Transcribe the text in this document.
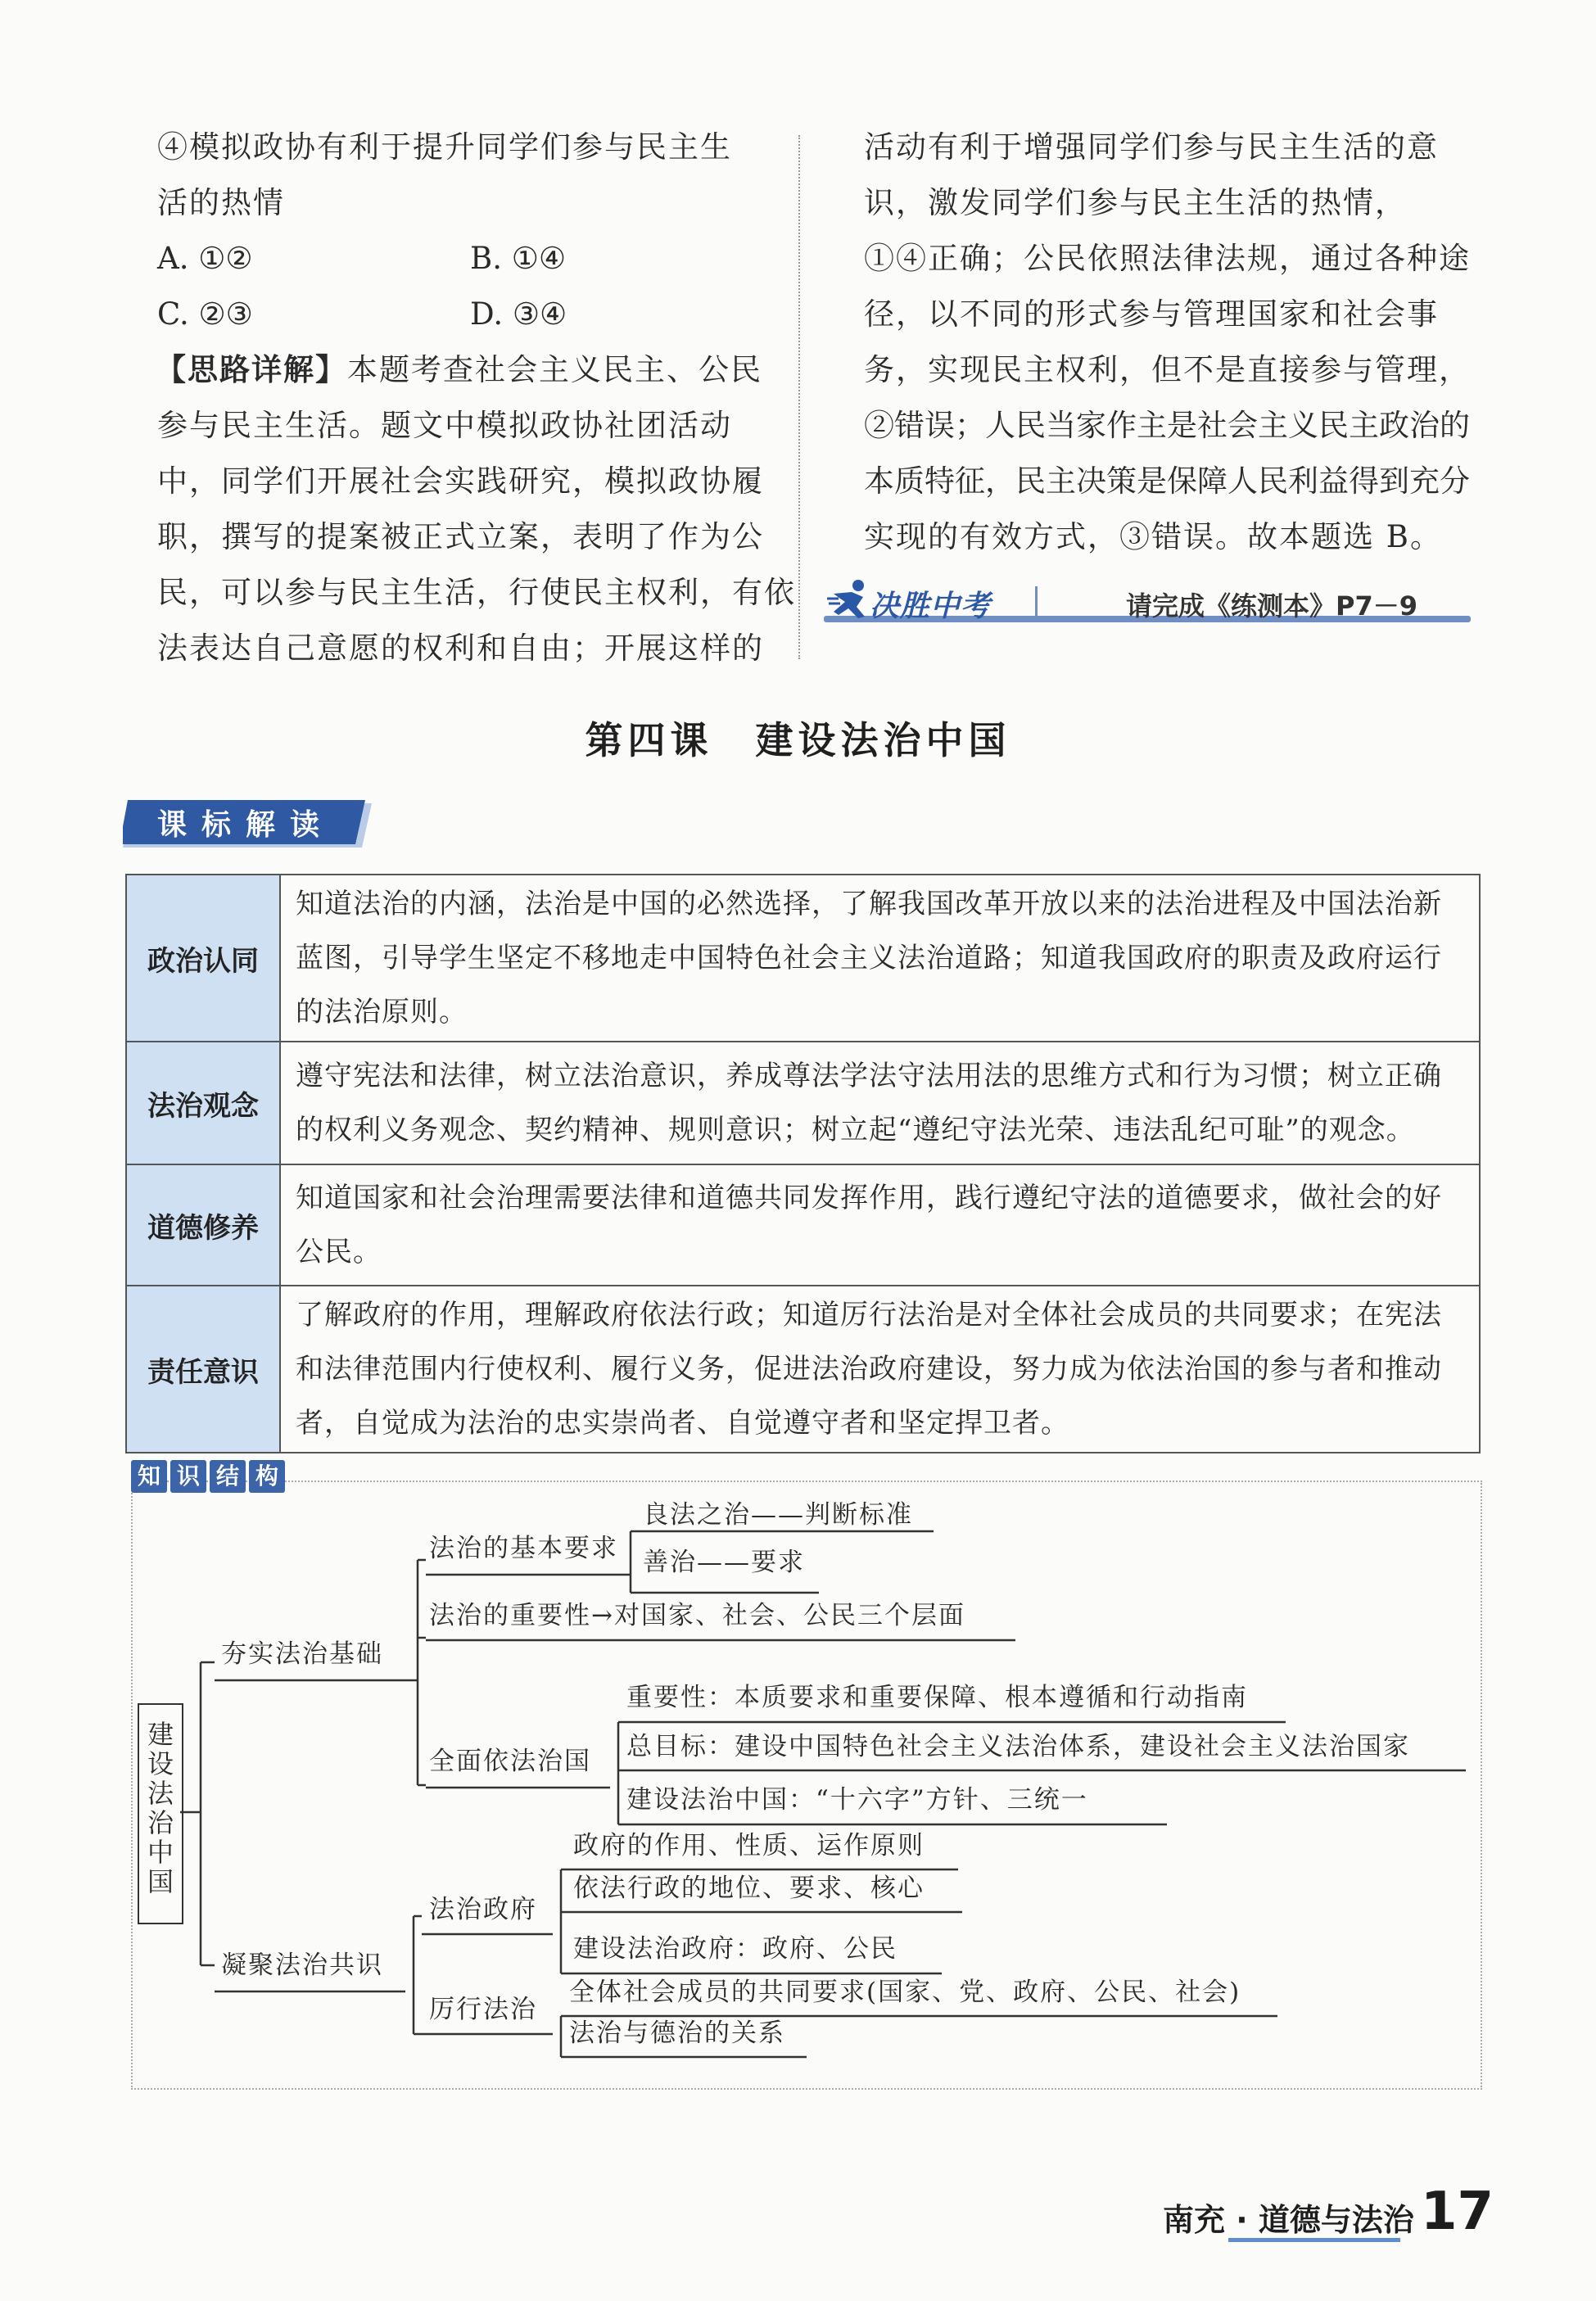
④模拟政协有利于提升同学们参与民主生
活的热情
A. ①②	B. ①④
C. ②③	D. ③④
【思路详解】本题考查社会主义民主、公民
参与民主生活。题文中模拟政协社团活动
中，同学们开展社会实践研究，模拟政协履
职，撰写的提案被正式立案，表明了作为公
民，可以参与民主生活，行使民主权利，有依
法表达自己意愿的权利和自由；开展这样的
活动有利于增强同学们参与民主生活的意
识，激发同学们参与民主生活的热情，
①④正确；公民依照法律法规，通过各种途
径，以不同的形式参与管理国家和社会事
务，实现民主权利，但不是直接参与管理，
②错误；人民当家作主是社会主义民主政治的
本质特征，民主决策是保障人民利益得到充分
实现的有效方式，③错误。故本题选 B。
决胜中考	请完成《练测本》P7－9
第四课　建设法治中国
课标解读
政治认同	知道法治的内涵，法治是中国的必然选择，了解我国改革开放以来的法治进程及中国法治新蓝图，引导学生坚定不移地走中国特色社会主义法治道路；知道我国政府的职责及政府运行的法治原则。
法治观念	遵守宪法和法律，树立法治意识，养成尊法学法守法用法的思维方式和行为习惯；树立正确的权利义务观念、契约精神、规则意识；树立起“遵纪守法光荣、违法乱纪可耻”的观念。
道德修养	知道国家和社会治理需要法律和道德共同发挥作用，践行遵纪守法的道德要求，做社会的好公民。
责任意识	了解政府的作用，理解政府依法行政；知道厉行法治是对全体社会成员的共同要求；在宪法和法律范围内行使权利、履行义务，促进法治政府建设，努力成为依法治国的参与者和推动者，自觉成为法治的忠实崇尚者、自觉遵守者和坚定捍卫者。
知 识 结 构
建设法治中国
夯实法治基础
法治的基本要求
良法之治——判断标准
善治——要求
法治的重要性→对国家、社会、公民三个层面
全面依法治国
重要性：本质要求和重要保障、根本遵循和行动指南
总目标：建设中国特色社会主义法治体系，建设社会主义法治国家
建设法治中国：“十六字”方针、三统一
凝聚法治共识
法治政府
政府的作用、性质、运作原则
依法行政的地位、要求、核心
建设法治政府：政府、公民
厉行法治
全体社会成员的共同要求(国家、党、政府、公民、社会)
法治与德治的关系
南充 · 道德与法治 17
